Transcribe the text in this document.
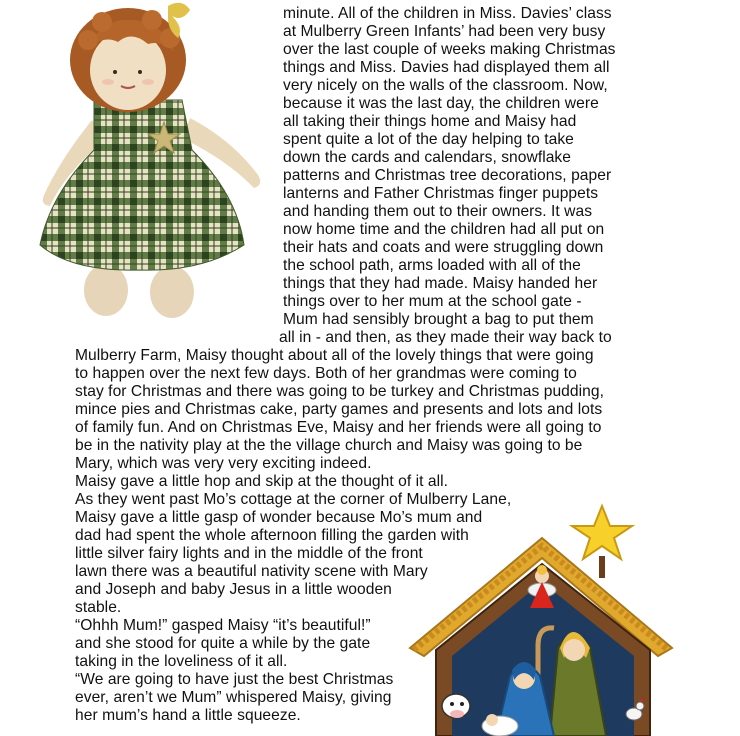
minute. All of the children in Miss. Davies’ class
at Mulberry Green Infants’ had been very busy
over the last couple of weeks making Christmas
things and Miss. Davies had displayed them all
very nicely on the walls of the classroom. Now,
because it was the last day, the children were
all taking their things home and Maisy had
spent quite a lot of the day helping to take
down the cards and calendars, snowflake
patterns and Christmas tree decorations, paper
lanterns and Father Christmas finger puppets
and handing them out to their owners. It was
now home time and the children had all put on
their hats and coats and were struggling down
the school path, arms loaded with all of the
things that they had made. Maisy handed her
things over to her mum at the school gate -
Mum had sensibly brought a bag to put them
all in - and then, as they made their way back to
Mulberry Farm, Maisy thought about all of the lovely things that were going
to happen over the next few days. Both of her grandmas were coming to
stay for Christmas and there was going to be turkey and Christmas pudding,
mince pies and Christmas cake, party games and presents and lots and lots
of family fun. And on Christmas Eve, Maisy and her friends were all going to
be in the nativity play at the the village church and Maisy was going to be
Mary, which was very very exciting indeed.
Maisy gave a little hop and skip at the thought of it all.
As they went past Mo’s cottage at the corner of Mulberry Lane,
Maisy gave a little gasp of wonder because Mo’s mum and
dad had spent the whole afternoon filling the garden with
little silver fairy lights and in the middle of the front
lawn there was a beautiful nativity scene with Mary
and Joseph and baby Jesus in a little wooden
stable.
“Ohhh Mum!” gasped Maisy “it’s beautiful!”
and she stood for quite a while by the gate
taking in the loveliness of it all.
“We are going to have just the best Christmas
ever, aren’t we Mum” whispered Maisy, giving
her mum’s hand a little squeeze.
